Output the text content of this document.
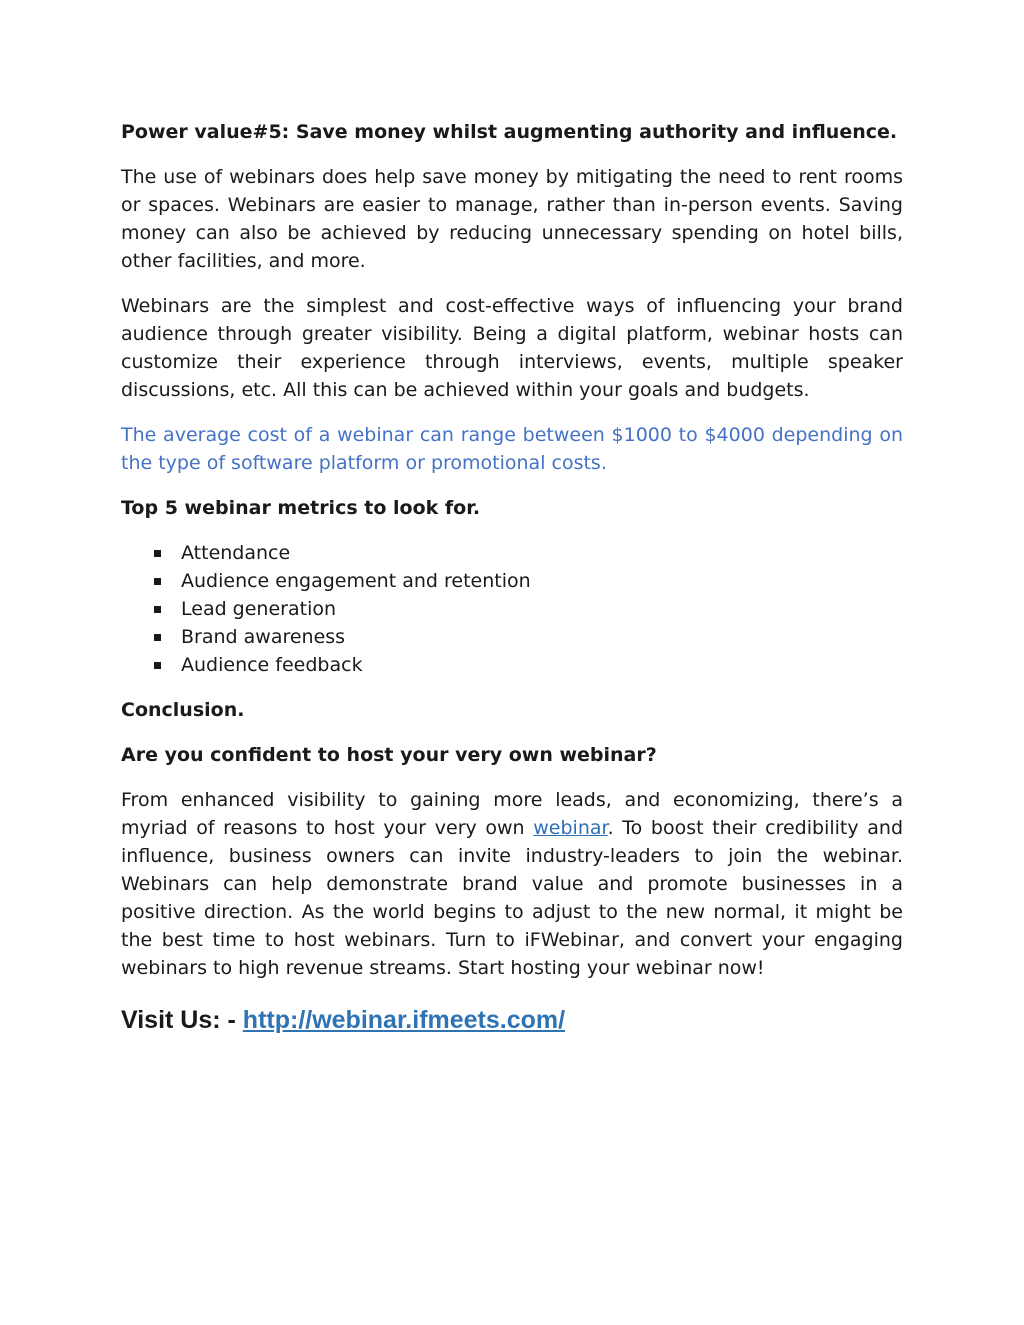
Power value#5: Save money whilst augmenting authority and influence.

The use of webinars does help save money by mitigating the need to rent rooms or spaces. Webinars are easier to manage, rather than in-person events. Saving money can also be achieved by reducing unnecessary spending on hotel bills, other facilities, and more.

Webinars are the simplest and cost-effective ways of influencing your brand audience through greater visibility. Being a digital platform, webinar hosts can customize their experience through interviews, events, multiple speaker discussions, etc. All this can be achieved within your goals and budgets.

The average cost of a webinar can range between $1000 to $4000 depending on the type of software platform or promotional costs.

Top 5 webinar metrics to look for.

Attendance
Audience engagement and retention
Lead generation
Brand awareness
Audience feedback

Conclusion.

Are you confident to host your very own webinar?

From enhanced visibility to gaining more leads, and economizing, there’s a myriad of reasons to host your very own webinar. To boost their credibility and influence, business owners can invite industry-leaders to join the webinar. Webinars can help demonstrate brand value and promote businesses in a positive direction. As the world begins to adjust to the new normal, it might be the best time to host webinars. Turn to iFWebinar, and convert your engaging webinars to high revenue streams. Start hosting your webinar now!

Visit Us: - http://webinar.ifmeets.com/
